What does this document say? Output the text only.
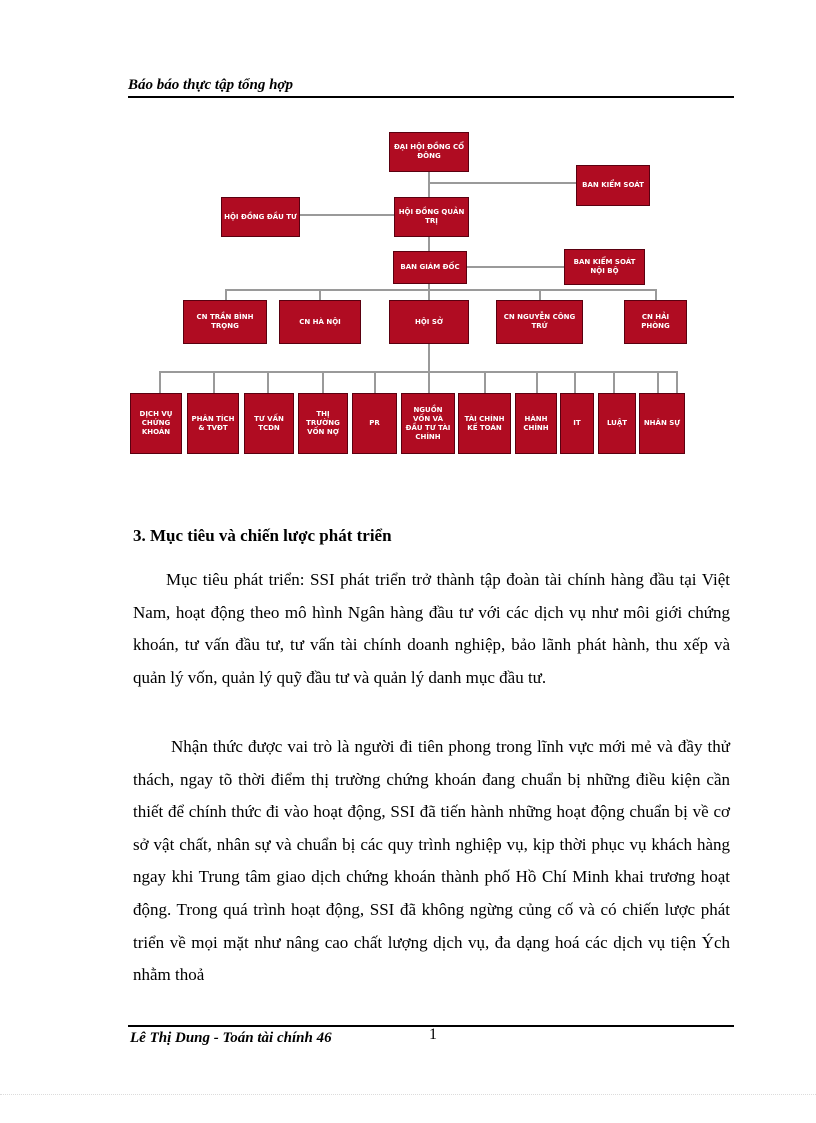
Báo báo thực tập tổng hợp
ĐẠI HỘI ĐỒNG CỔ ĐÔNG
BAN KIỂM SOÁT
HỘI ĐỒNG ĐẦU TƯ
HỘI ĐỒNG QUẢN TRỊ
BAN GIÁM ĐỐC
BAN KIỂM SOÁT NỘI BỘ
CN TRẦN BÌNH TRỌNG
CN HÀ NỘI	HỘI SỞ
CN NGUYỄN CÔNG TRỨ
CN HẢI PHÒNG
DỊCH VỤ CHỨNG KHOÁN
PHÂN TÍCH & TVĐT
TƯ VẤN TCDN
THỊ TRƯỜNG VỐN NỢ
PR
NGUỒN VỐN VÀ ĐẦU TƯ TÀI CHÍNH
TÀI CHÍNH KẾ TOÁN
HÀNH CHÍNH
IT	LUẬT	NHÂN SỰ
3. Mục tiêu và chiến lược phát triển

Mục tiêu phát triển: SSI phát triển trở thành tập đoàn tài chính hàng đầu tại Việt Nam, hoạt động theo mô hình Ngân hàng đầu tư với các dịch vụ như môi giới chứng khoán, tư vấn đầu tư, tư vấn tài chính doanh nghiệp, bảo lãnh phát hành, thu xếp và quản lý vốn, quản lý quỹ đầu tư và quản lý danh mục đầu tư.

Nhận thức được vai trò là người đi tiên phong trong lĩnh vực mới mẻ và đầy thử thách, ngay tõ thời điểm thị trường chứng khoán đang chuẩn bị những điều kiện cần thiết để chính thức đi vào hoạt động, SSI đã tiến hành những hoạt động chuẩn bị về cơ sở vật chất, nhân sự và chuẩn bị các quy trình nghiệp vụ, kịp thời phục vụ khách hàng ngay khi Trung tâm giao dịch chứng khoán thành phố Hồ Chí Minh khai trương hoạt động. Trong quá trình hoạt động, SSI đã không ngừng củng cố và có chiến lược phát triển về mọi mặt như nâng cao chất lượng dịch vụ, đa dạng hoá các dịch vụ tiện Ých nhằm thoả

Lê Thị Dung - Toán tài chính 46	1
